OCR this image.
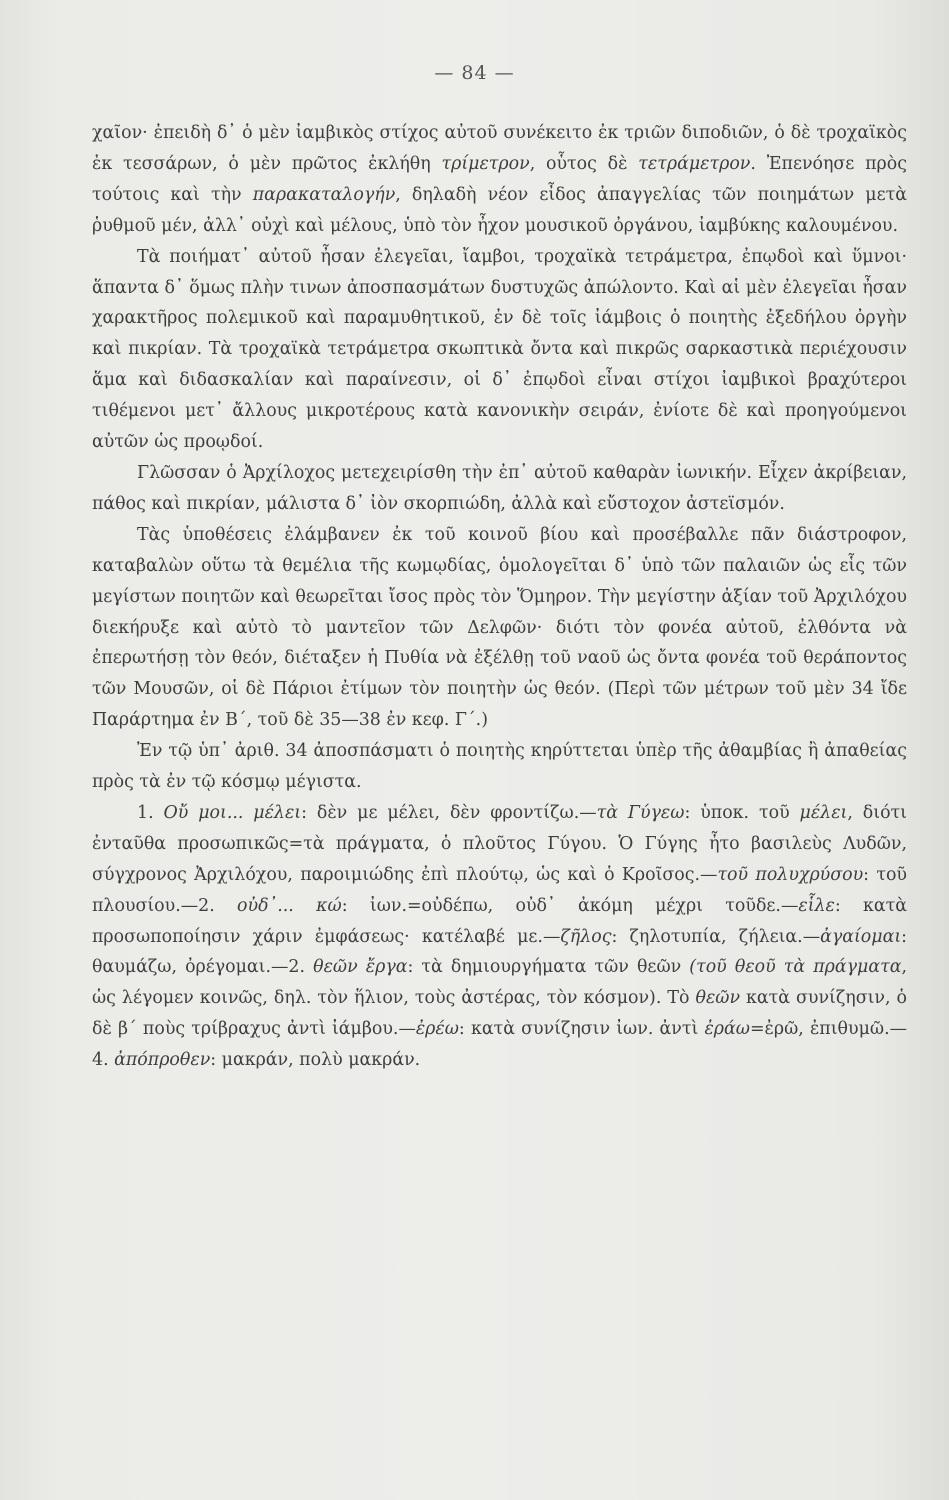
— 84 —

χαῖον· ἐπειδὴ δ᾽ ὁ μὲν ἰαμβικὸς στίχος αὐτοῦ συνέκειτο ἐκ τριῶν διποδιῶν, ὁ δὲ τροχαϊκὸς ἐκ τεσσάρων, ὁ μὲν πρῶτος ἐκλήθη τρίμετρον, οὗτος δὲ τετράμετρον. Ἐπενόησε πρὸς τούτοις καὶ τὴν παρακαταλογήν, δηλαδὴ νέον εἶδος ἀπαγγελίας τῶν ποιημάτων μετὰ ῥυθμοῦ μέν, ἀλλ᾽ οὐχὶ καὶ μέλους, ὑπὸ τὸν ἦχον μουσικοῦ ὀργάνου, ἰαμβύκης καλουμένου.

Τὰ ποιήματ᾽ αὐτοῦ ἦσαν ἐλεγεῖαι, ἴαμβοι, τροχαϊκὰ τετράμετρα, ἐπῳδοὶ καὶ ὕμνοι· ἅπαντα δ᾽ ὅμως πλὴν τινων ἀποσπασμάτων δυστυχῶς ἀπώλοντο. Καὶ αἱ μὲν ἐλεγεῖαι ἦσαν χαρακτῆρος πολεμικοῦ καὶ παραμυθητικοῦ, ἐν δὲ τοῖς ἰάμβοις ὁ ποιητὴς ἐξεδήλου ὀργὴν καὶ πικρίαν. Τὰ τροχαϊκὰ τετράμετρα σκωπτικὰ ὄντα καὶ πικρῶς σαρκαστικὰ περιέχουσιν ἅμα καὶ διδασκαλίαν καὶ παραίνεσιν, οἱ δ᾽ ἐπῳδοὶ εἶναι στίχοι ἰαμβικοὶ βραχύτεροι τιθέμενοι μετ᾽ ἄλλους μικροτέρους κατὰ κανονικὴν σειράν, ἐνίοτε δὲ καὶ προηγούμενοι αὐτῶν ὡς προῳδοί.

Γλῶσσαν ὁ Ἀρχίλοχος μετεχειρίσθη τὴν ἐπ᾽ αὐτοῦ καθαρὰν ἰωνικήν. Εἶχεν ἀκρίβειαν, πάθος καὶ πικρίαν, μάλιστα δ᾽ ἰὸν σκορπιώδη, ἀλλὰ καὶ εὔστοχον ἀστεϊσμόν.

Τὰς ὑποθέσεις ἐλάμβανεν ἐκ τοῦ κοινοῦ βίου καὶ προσέβαλλε πᾶν διάστροφον, καταβαλὼν οὕτω τὰ θεμέλια τῆς κωμῳδίας, ὁμολογεῖται δ᾽ ὑπὸ τῶν παλαιῶν ὡς εἷς τῶν μεγίστων ποιητῶν καὶ θεωρεῖται ἴσος πρὸς τὸν Ὅμηρον. Τὴν μεγίστην ἀξίαν τοῦ Ἀρχιλόχου διεκήρυξε καὶ αὐτὸ τὸ μαντεῖον τῶν Δελφῶν· διότι τὸν φονέα αὐτοῦ, ἐλθόντα νὰ ἐπερωτήσῃ τὸν θεόν, διέταξεν ἡ Πυθία νὰ ἐξέλθῃ τοῦ ναοῦ ὡς ὄντα φονέα τοῦ θεράποντος τῶν Μουσῶν, οἱ δὲ Πάριοι ἐτίμων τὸν ποιητὴν ὡς θεόν. (Περὶ τῶν μέτρων τοῦ μὲν 34 ἴδε Παράρτημα ἐν Β΄, τοῦ δὲ 35—38 ἐν κεφ. Γ΄.)

Ἐν τῷ ὑπ᾽ ἀριθ. 34 ἀποσπάσματι ὁ ποιητὴς κηρύττεται ὑπὲρ τῆς ἀθαμβίας ἢ ἀπαθείας πρὸς τὰ ἐν τῷ κόσμῳ μέγιστα.

1. Οὔ μοι... μέλει: δὲν με μέλει, δὲν φροντίζω.—τὰ Γύγεω: ὑποκ. τοῦ μέλει, διότι ἐνταῦθα προσωπικῶς=τὰ πράγματα, ὁ πλοῦτος Γύγου. Ὁ Γύγης ἦτο βασιλεὺς Λυδῶν, σύγχρονος Ἀρχιλόχου, παροιμιώδης ἐπὶ πλούτῳ, ὡς καὶ ὁ Κροῖσος.—τοῦ πολυχρύσου: τοῦ πλουσίου.—2. οὐδ᾽... κώ: ἰων.=οὐδέπω, οὐδ᾽ ἀκόμη μέχρι τοῦδε.—εἷλε: κατὰ προσωποποίησιν χάριν ἐμφάσεως· κατέλαβέ με.—ζῆλος: ζηλοτυπία, ζήλεια.—ἀγαίομαι: θαυμάζω, ὀρέγομαι.—2. θεῶν ἔργα: τὰ δημιουργήματα τῶν θεῶν (τοῦ θεοῦ τὰ πράγματα, ὡς λέγομεν κοινῶς, δηλ. τὸν ἥλιον, τοὺς ἀστέρας, τὸν κόσμον). Τὸ θεῶν κατὰ συνίζησιν, ὁ δὲ β΄ ποὺς τρίβραχυς ἀντὶ ἰάμβου.—ἐρέω: κατὰ συνίζησιν ἰων. ἀντὶ ἐράω=ἐρῶ, ἐπιθυμῶ.— 4. ἀπόπροθεν: μακράν, πολὺ μακράν.
